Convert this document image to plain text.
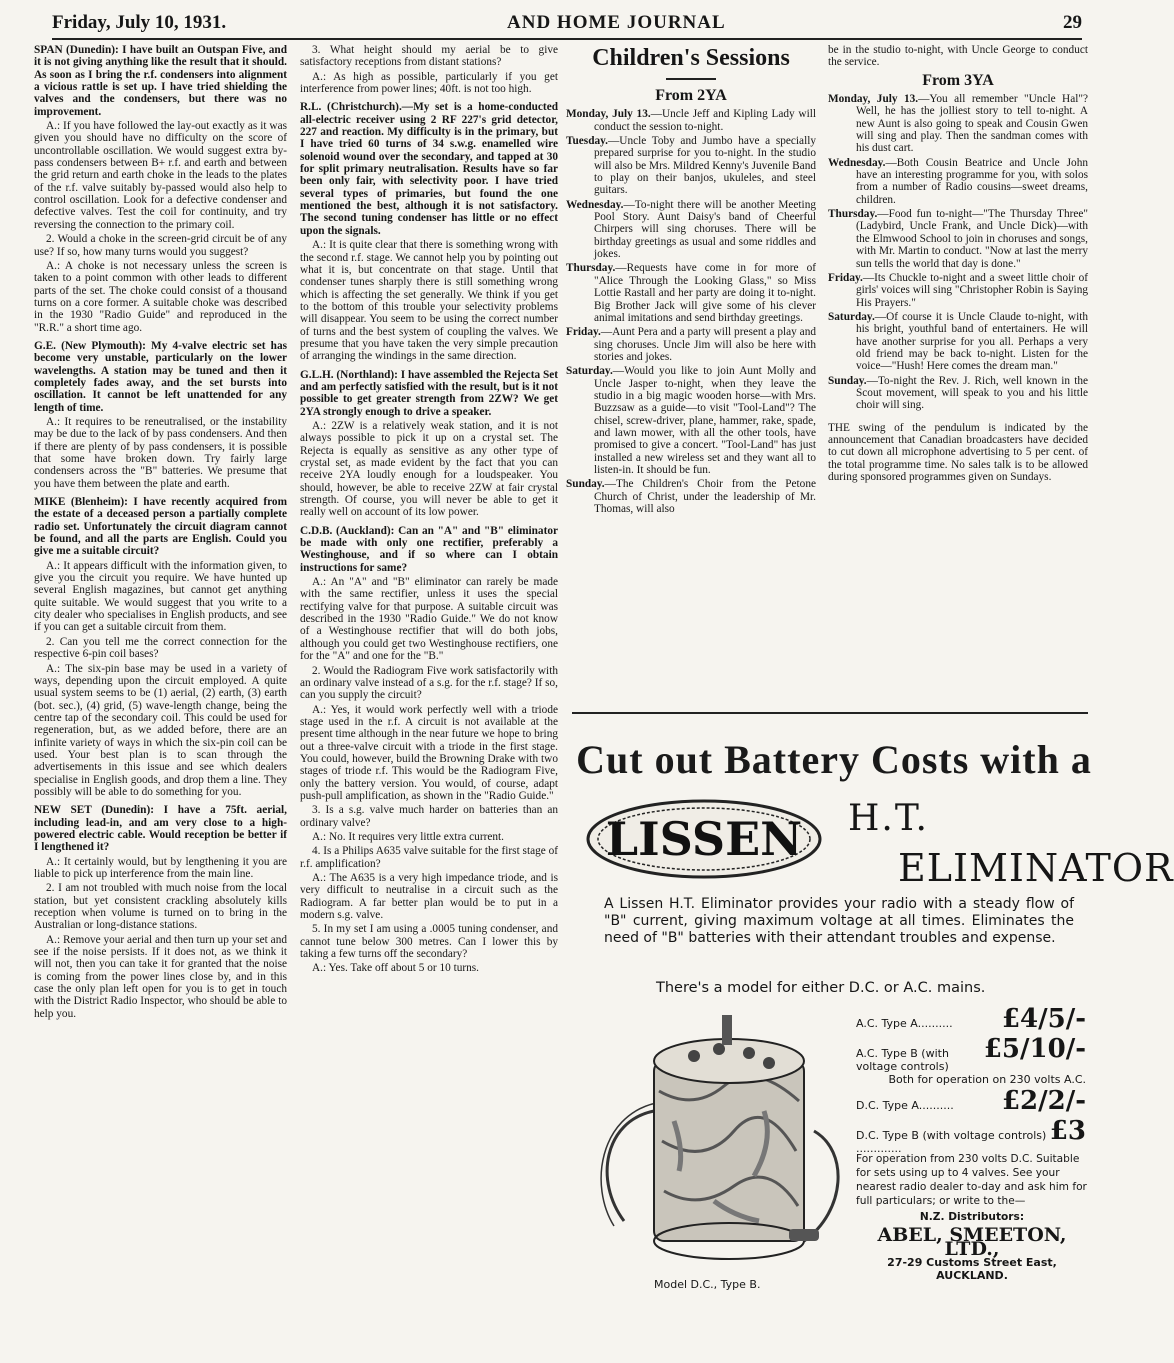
Friday, July 10, 1931.	AND HOME JOURNAL	29

SPAN (Dunedin): I have built an Outspan Five, and it is not giving anything like the result that it should. As soon as I bring the r.f. condensers into alignment a vicious rattle is set up. I have tried shielding the valves and the condensers, but there was no improvement.

A.: If you have followed the lay-out exactly as it was given you should have no difficulty on the score of uncontrollable oscillation. We would suggest extra by-pass condensers between B+ r.f. and earth and between the grid return and earth choke in the leads to the plates of the r.f. valve suitably by-passed would also help to control oscillation. Look for a defective condenser and defective valves. Test the coil for continuity, and try reversing the connection to the primary coil.

2. Would a choke in the screen-grid circuit be of any use? If so, how many turns would you suggest?

A.: A choke is not necessary unless the screen is taken to a point common with other leads to different parts of the set. The choke could consist of a thousand turns on a core former. A suitable choke was described in the 1930 "Radio Guide" and reproduced in the "R.R." a short time ago.

G.E. (New Plymouth): My 4-valve electric set has become very unstable, particularly on the lower wavelengths. A station may be tuned and then it completely fades away, and the set bursts into oscillation. It cannot be left unattended for any length of time.

A.: It requires to be reneutralised, or the instability may be due to the lack of by pass condensers. And then if there are plenty of by pass condensers, it is possible that some have broken down. Try fairly large condensers across the "B" batteries. We presume that you have them between the plate and earth.

MIKE (Blenheim): I have recently acquired from the estate of a deceased person a partially complete radio set. Unfortunately the circuit diagram cannot be found, and all the parts are English. Could you give me a suitable circuit?

A.: It appears difficult with the information given, to give you the circuit you require. We have hunted up several English magazines, but cannot get anything quite suitable. We would suggest that you write to a city dealer who specialises in English products, and see if you can get a suitable circuit from them.

2. Can you tell me the correct connection for the respective 6-pin coil bases?

A.: The six-pin base may be used in a variety of ways, depending upon the circuit employed. A quite usual system seems to be (1) aerial, (2) earth, (3) earth (bot. sec.), (4) grid, (5) wave-length change, being the centre tap of the secondary coil. This could be used for regeneration, but, as we added before, there are an infinite variety of ways in which the six-pin coil can be used. Your best plan is to scan through the advertisements in this issue and see which dealers specialise in English goods, and drop them a line. They possibly will be able to do something for you.

NEW SET (Dunedin): I have a 75ft. aerial, including lead-in, and am very close to a high-powered electric cable. Would reception be better if I lengthened it?

A.: It certainly would, but by lengthening it you are liable to pick up interference from the main line.

2. I am not troubled with much noise from the local station, but yet consistent crackling absolutely kills reception when volume is turned on to bring in the Australian or long-distance stations.

A.: Remove your aerial and then turn up your set and see if the noise persists. If it does not, as we think it will not, then you can take it for granted that the noise is coming from the power lines close by, and in this case the only plan left open for you is to get in touch with the District Radio Inspector, who should be able to help you.

3. What height should my aerial be to give satisfactory receptions from distant stations?

A.: As high as possible, particularly if you get interference from power lines; 40ft. is not too high.

R.L. (Christchurch).—My set is a home-conducted all-electric receiver using 2 RF 227's grid detector, 227 and reaction. My difficulty is in the primary, but I have tried 60 turns of 34 s.w.g. enamelled wire solenoid wound over the secondary, and tapped at 30 for split primary neutralisation. Results have so far been only fair, with selectivity poor. I have tried several types of primaries, but found the one mentioned the best, although it is not satisfactory. The second tuning condenser has little or no effect upon the signals.

A.: It is quite clear that there is something wrong with the second r.f. stage. We cannot help you by pointing out what it is, but concentrate on that stage. Until that condenser tunes sharply there is still something wrong which is affecting the set generally. We think if you get to the bottom of this trouble your selectivity problems will disappear. You seem to be using the correct number of turns and the best system of coupling the valves. We presume that you have taken the very simple precaution of arranging the windings in the same direction.

G.L.H. (Northland): I have assembled the Rejecta Set and am perfectly satisfied with the result, but is it not possible to get greater strength from 2ZW? We get 2YA strongly enough to drive a speaker.

A.: 2ZW is a relatively weak station, and it is not always possible to pick it up on a crystal set. The Rejecta is equally as sensitive as any other type of crystal set, as made evident by the fact that you can receive 2YA loudly enough for a loudspeaker. You should, however, be able to receive 2ZW at fair crystal strength. Of course, you will never be able to get it really well on account of its low power.

C.D.B. (Auckland): Can an "A" and "B" eliminator be made with only one rectifier, preferably a Westinghouse, and if so where can I obtain instructions for same?

A.: An "A" and "B" eliminator can rarely be made with the same rectifier, unless it uses the special rectifying valve for that purpose. A suitable circuit was described in the 1930 "Radio Guide." We do not know of a Westinghouse rectifier that will do both jobs, although you could get two Westinghouse rectifiers, one for the "A" and one for the "B."

2. Would the Radiogram Five work satisfactorily with an ordinary valve instead of a s.g. for the r.f. stage? If so, can you supply the circuit?

A.: Yes, it would work perfectly well with a triode stage used in the r.f. A circuit is not available at the present time although in the near future we hope to bring out a three-valve circuit with a triode in the first stage. You could, however, build the Browning Drake with two stages of triode r.f. This would be the Radiogram Five, only the battery version. You would, of course, adapt push-pull amplification, as shown in the "Radio Guide."

3. Is a s.g. valve much harder on batteries than an ordinary valve?

A.: No. It requires very little extra current.

4. Is a Philips A635 valve suitable for the first stage of r.f. amplification?

A.: The A635 is a very high impedance triode, and is very difficult to neutralise in a circuit such as the Radiogram. A far better plan would be to put in a modern s.g. valve.

5. In my set I am using a .0005 tuning condenser, and cannot tune below 300 metres. Can I lower this by taking a few turns off the secondary?

A.: Yes. Take off about 5 or 10 turns.

Children's Sessions
From 2YA

Monday, July 13.—Uncle Jeff and Kipling Lady will conduct the session to-night.

Tuesday.—Uncle Toby and Jumbo have a specially prepared surprise for you to-night. In the studio will also be Mrs. Mildred Kenny's Juvenile Band to play on their banjos, ukuleles, and steel guitars.

Wednesday.—To-night there will be another Meeting Pool Story. Aunt Daisy's band of Cheerful Chirpers will sing choruses. There will be birthday greetings as usual and some riddles and jokes.

Thursday.—Requests have come in for more of "Alice Through the Looking Glass," so Miss Lottie Rastall and her party are doing it to-night. Big Brother Jack will give some of his clever animal imitations and send birthday greetings.

Friday.—Aunt Pera and a party will present a play and sing choruses. Uncle Jim will also be here with stories and jokes.

Saturday.—Would you like to join Aunt Molly and Uncle Jasper to-night, when they leave the studio in a big magic wooden horse—with Mrs. Buzzsaw as a guide—to visit "Tool-Land"? The chisel, screw-driver, plane, hammer, rake, spade, and lawn mower, with all the other tools, have promised to give a concert. "Tool-Land" has just installed a new wireless set and they want all to listen-in. It should be fun.

Sunday.—The Children's Choir from the Petone Church of Christ, under the leadership of Mr. Thomas, will also

be in the studio to-night, with Uncle George to conduct the service.

From 3YA

Monday, July 13.—You all remember "Uncle Hal"? Well, he has the jolliest story to tell to-night. A new Aunt is also going to speak and Cousin Gwen will sing and play. Then the sandman comes with his dust cart.

Wednesday.—Both Cousin Beatrice and Uncle John have an interesting programme for you, with solos from a number of Radio cousins—sweet dreams, children.

Thursday.—Food fun to-night—"The Thursday Three" (Ladybird, Uncle Frank, and Uncle Dick)—with the Elmwood School to join in choruses and songs, with Mr. Martin to conduct. "Now at last the merry sun tells the world that day is done."

Friday.—Its Chuckle to-night and a sweet little choir of girls' voices will sing "Christopher Robin is Saying His Prayers."

Saturday.—Of course it is Uncle Claude to-night, with his bright, youthful band of entertainers. He will have another surprise for you all. Perhaps a very old friend may be back to-night. Listen for the voice—"Hush! Here comes the dream man."

Sunday.—To-night the Rev. J. Rich, well known in the Scout movement, will speak to you and his little choir will sing.

THE swing of the pendulum is indicated by the announcement that Canadian broadcasters have decided to cut down all microphone advertising to 5 per cent. of the total programme time. No sales talk is to be allowed during sponsored programmes given on Sundays.

Cut out Battery Costs with a
LISSEN H.T.
ELIMINATOR
A Lissen H.T. Eliminator provides your radio with a steady flow of "B" current, giving maximum voltage at all times. Eliminates the need of "B" batteries with their attendant troubles and expense.
There's a model for either D.C. or A.C. mains.
Model D.C., Type B.
A.C. Type A.......... £4/5/-
A.C. Type B (with voltage controls)
£5/10/-
Both for operation on 230 volts A.C.
D.C. Type A.......... £2/2/-
D.C. Type B (with voltage controls) .............
£3
For operation from 230 volts D.C. Suitable for sets using up to 4 valves. See your nearest radio dealer to-day and ask him for full particulars; or write to the—
N.Z. Distributors:
ABEL, SMEETON, LTD.,
27-29 Customs Street East,
AUCKLAND.
